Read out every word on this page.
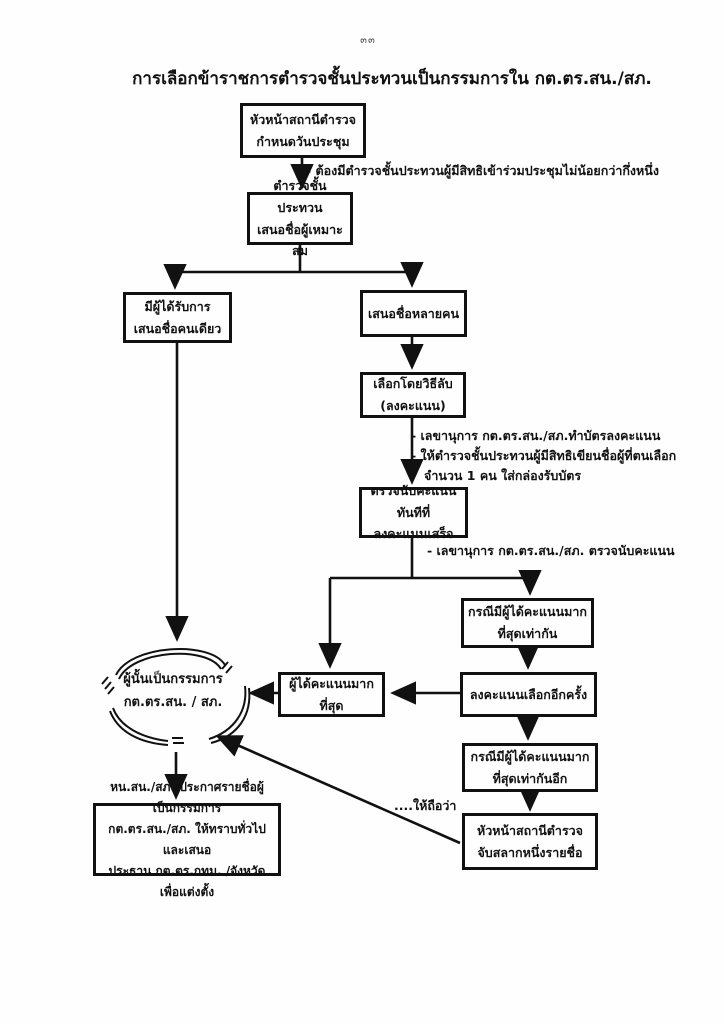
๓๓
การเลือกข้าราชการตำรวจชั้นประทวนเป็นกรรมการใน กต.ตร.สน./สภ.
หัวหน้าสถานีตำรวจ
กำหนดวันประชุม
ตำรวจชั้นประทวน
เสนอชื่อผู้เหมาะสม
มีผู้ได้รับการ
เสนอชื่อคนเดียว
เสนอชื่อหลายคน
เลือกโดยวิธีลับ
(ลงคะแนน)
ตรวจนับคะแนนทันทีที่
ลงคะแนนเสร็จ
กรณีมีผู้ได้คะแนนมาก
ที่สุดเท่ากัน
ลงคะแนนเลือกอีกครั้ง
ผู้ได้คะแนนมากที่สุด
กรณีมีผู้ได้คะแนนมาก
ที่สุดเท่ากันอีก
หัวหน้าสถานีตำรวจ
จับสลากหนึ่งรายชื่อ
หน.สน./สภ. ประกาศรายชื่อผู้ เป็นกรรมการ
กต.ตร.สน./สภ. ให้ทราบทั่วไป และเสนอ
ประธาน กต.ตร.กทม. /จังหวัด เพื่อแต่งตั้ง
ผู้นั้นเป็นกรรมการ
กต.ตร.สน. / สภ.
- ต้องมีตำรวจชั้นประทวนผู้มีสิทธิเข้าร่วมประชุมไม่น้อยกว่ากึ่งหนึ่ง
- เลขานุการ กต.ตร.สน./สภ.ทำบัตรลงคะแนน
- ให้ตำรวจชั้นประทวนผู้มีสิทธิเขียนชื่อผู้ที่ตนเลือก
จำนวน 1 คน ใส่กล่องรับบัตร
- เลขานุการ กต.ตร.สน./สภ. ตรวจนับคะแนน
....ให้ถือว่า
